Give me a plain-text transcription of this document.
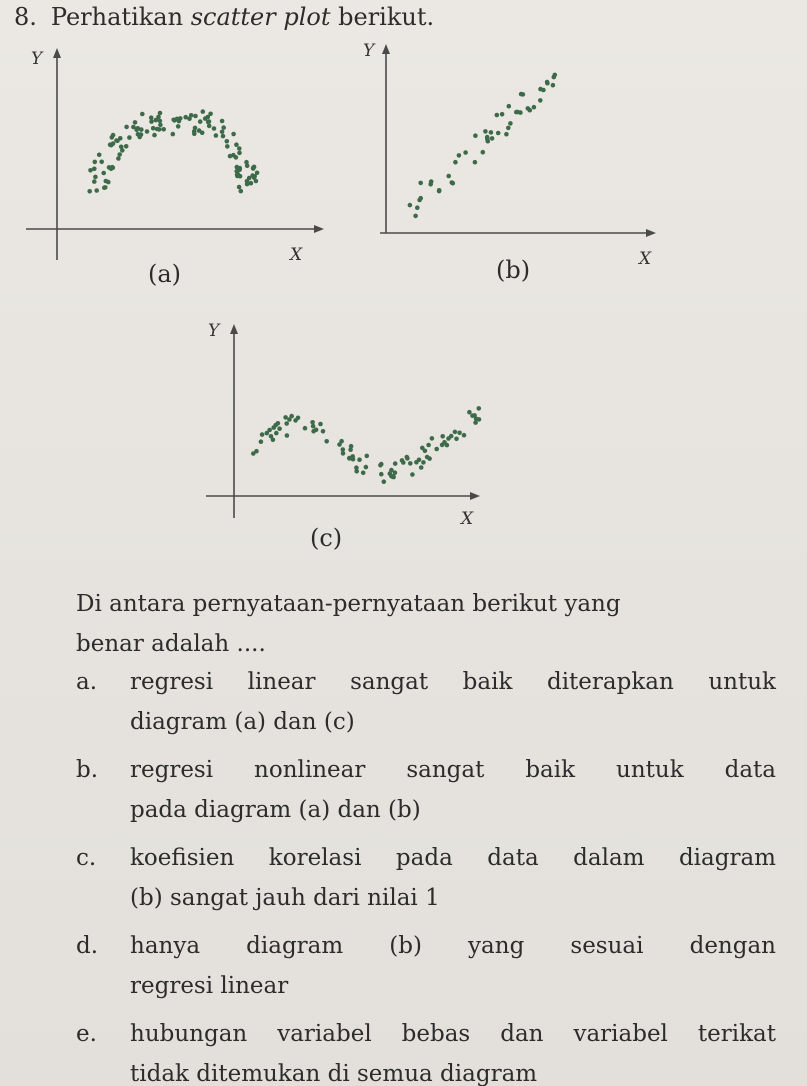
8. Perhatikan scatter plot berikut.
Y
X
(a)
Y
X
(b)
Y
X
(c)
Di antara pernyataan-pernyataan berikut yang
benar adalah ....
a. regresi linear sangat baik diterapkan untuk
diagram (a) dan (c)
b. regresi nonlinear sangat baik untuk data
pada diagram (a) dan (b)
c. koefisien korelasi pada data dalam diagram
(b) sangat jauh dari nilai 1
d. hanya diagram (b) yang sesuai dengan
regresi linear
e. hubungan variabel bebas dan variabel terikat
tidak ditemukan di semua diagram
